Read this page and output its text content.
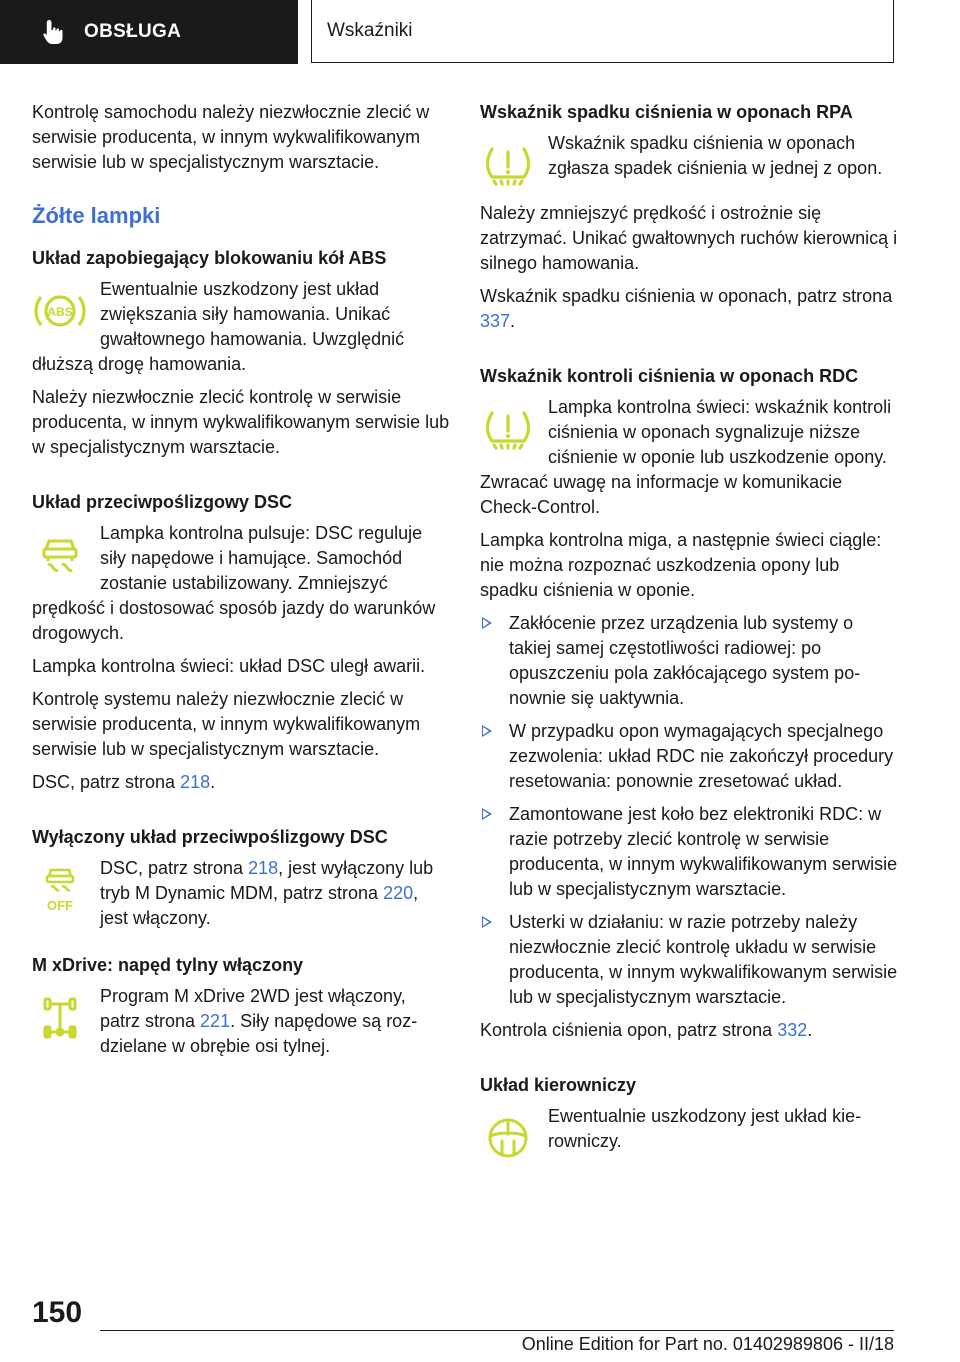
OBSŁUGA	Wskaźniki

Kontrolę samochodu należy niezwłocznie zlecić w serwisie producenta, w innym wykwalifikowanym serwisie lub w specjalistycznym warsztacie.

Żółte lampki
Układ zapobiegający blokowaniu kół ABS
ABS
Ewentualnie uszkodzony jest układ zwiększania siły hamowania. Unikać gwałtownego hamowania. Uwzględnić dłuższą drogę hamowania.

Należy niezwłocznie zlecić kontrolę w serwisie producenta, w innym wykwalifikowanym serwisie lub w specjalistycznym warsztacie.

Układ przeciwpoślizgowy DSC
Lampka kontrolna pulsuje: DSC reguluje siły napędowe i hamujące. Samochód zostanie ustabilizowany. Zmniejszyć prędkość i dostosować sposób jazdy do warunków drogowych.

Lampka kontrolna świeci: układ DSC uległ awarii.

Kontrolę systemu należy niezwłocznie zlecić w serwisie producenta, w innym wykwalifikowanym serwisie lub w specjalistycznym warsztacie.

DSC, patrz strona 218.

Wyłączony układ przeciwpoślizgowy DSC
OFF
DSC, patrz strona 218, jest wyłączony lub tryb M Dynamic MDM, patrz strona 220, jest włączony.
M xDrive: napęd tylny włączony
Program M xDrive 2WD jest włączony, patrz strona 221. Siły napędowe są rozdzielane w obrębie osi tylnej.
Wskaźnik spadku ciśnienia w oponach RPA
Wskaźnik spadku ciśnienia w oponach zgłasza spadek ciśnienia w jednej z opon.

Należy zmniejszyć prędkość i ostrożnie się zatrzymać. Unikać gwałtownych ruchów kierownicą i silnego hamowania.

Wskaźnik spadku ciśnienia w oponach, patrz strona 337.

Wskaźnik kontroli ciśnienia w oponach RDC
Lampka kontrolna świeci: wskaźnik kontroli ciśnienia w oponach sygnalizuje niższe ciśnienie w oponie lub uszkodzenie opony. Zwracać uwagę na informacje w komunikacie Check-Control.

Lampka kontrolna miga, a następnie świeci ciągle: nie można rozpoznać uszkodzenia opony lub spadku ciśnienia w oponie.

Zakłócenie przez urządzenia lub systemy o takiej samej częstotliwości radiowej: po opuszczeniu pola zakłócającego system ponownie się uaktywnia.
W przypadku opon wymagających specjalnego zezwolenia: układ RDC nie zakończył procedury resetowania: ponownie zresetować układ.
Zamontowane jest koło bez elektroniki RDC: w razie potrzeby zlecić kontrolę w serwisie producenta, w innym wykwalifikowanym serwisie lub w specjalistycznym warsztacie.
Usterki w działaniu: w razie potrzeby należy niezwłocznie zlecić kontrolę układu w serwisie producenta, w innym wykwalifikowanym serwisie lub w specjalistycznym warsztacie.

Kontrola ciśnienia opon, patrz strona 332.

Układ kierowniczy
Ewentualnie uszkodzony jest układ kierowniczy.
150
Online Edition for Part no. 01402989806 - II/18
